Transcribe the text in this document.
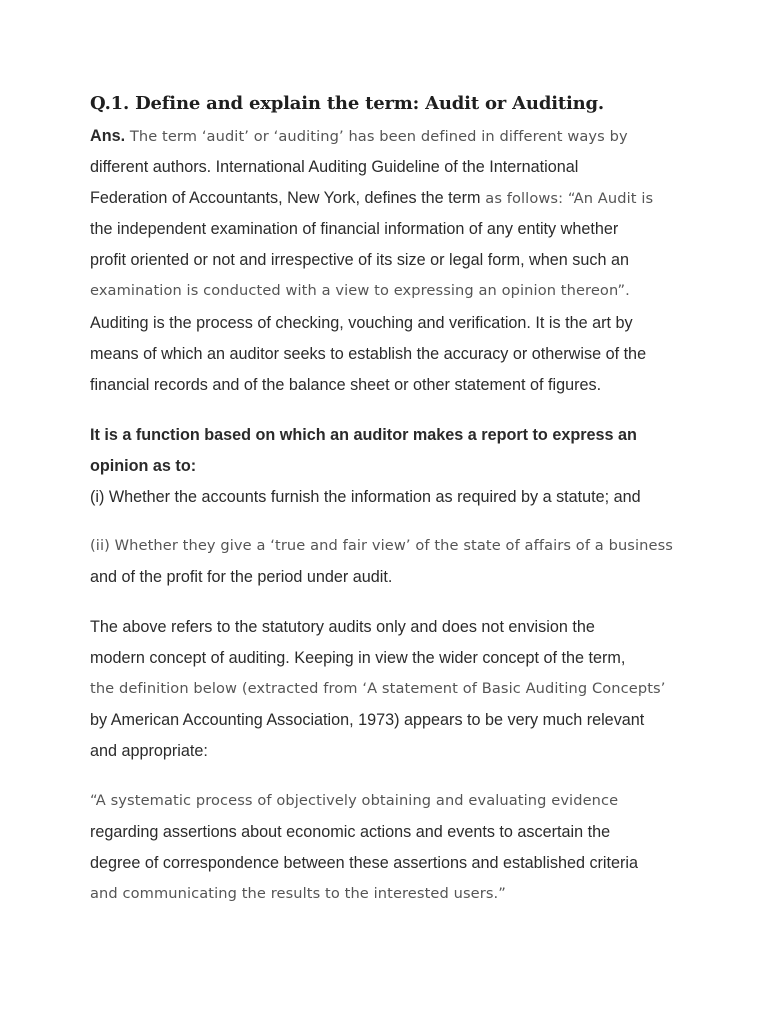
Q.1. Define and explain the term: Audit or Auditing.
Ans. The term ‘audit’ or ‘auditing’ has been defined in different ways by
different authors. International Auditing Guideline of the International
Federation of Accountants, New York, defines the term as follows: “An Audit is
the independent examination of financial information of any entity whether
profit oriented or not and irrespective of its size or legal form, when such an
examination is conducted with a view to expressing an opinion thereon”.
Auditing is the process of checking, vouching and verification. It is the art by
means of which an auditor seeks to establish the accuracy or otherwise of the
financial records and of the balance sheet or other statement of figures.
It is a function based on which an auditor makes a report to express an
opinion as to:
(i) Whether the accounts furnish the information as required by a statute; and
(ii) Whether they give a ‘true and fair view’ of the state of affairs of a business
and of the profit for the period under audit.
The above refers to the statutory audits only and does not envision the
modern concept of auditing. Keeping in view the wider concept of the term,
the definition below (extracted from ‘A statement of Basic Auditing Concepts’
by American Accounting Association, 1973) appears to be very much relevant
and appropriate:
“A systematic process of objectively obtaining and evaluating evidence
regarding assertions about economic actions and events to ascertain the
degree of correspondence between these assertions and established criteria
and communicating the results to the interested users.”
